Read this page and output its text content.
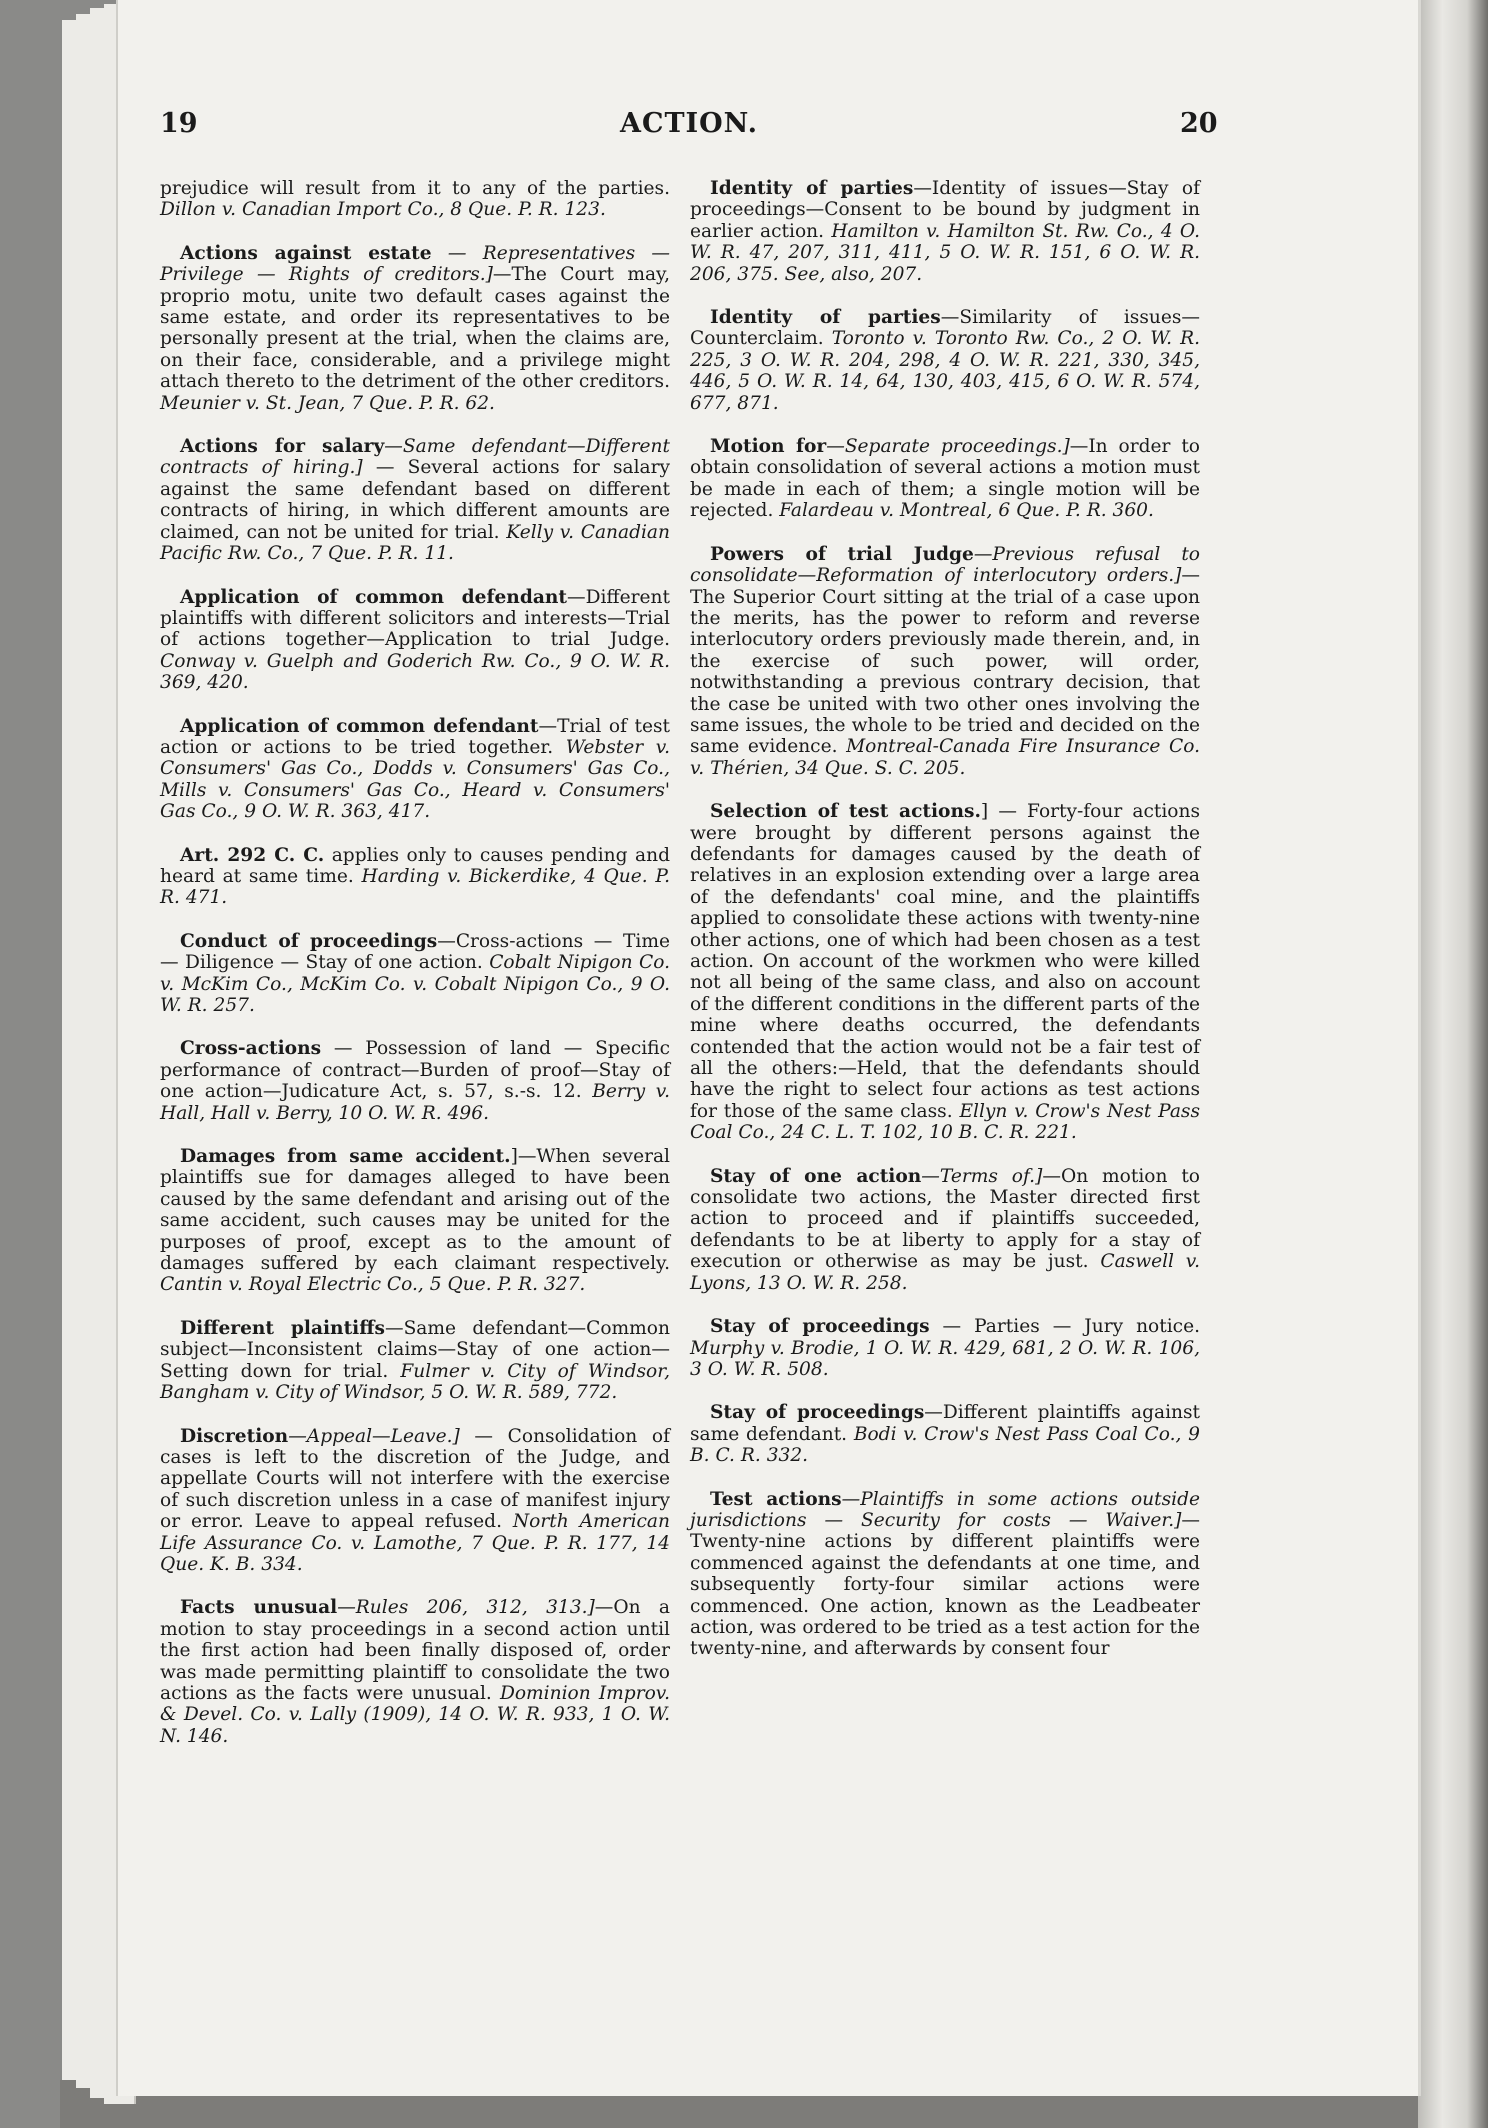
19	ACTION.	20

prejudice will result from it to any of the parties. Dillon v. Canadian Import Co., 8 Que. P. R. 123.

Actions against estate — Representatives — Privilege — Rights of creditors.]—The Court may, proprio motu, unite two default cases against the same estate, and order its representatives to be personally present at the trial, when the claims are, on their face, considerable, and a privilege might attach thereto to the detriment of the other creditors. Meunier v. St. Jean, 7 Que. P. R. 62.

Actions for salary—Same defendant—Different contracts of hiring.] — Several actions for salary against the same defendant based on different contracts of hiring, in which different amounts are claimed, can not be united for trial. Kelly v. Canadian Pacific Rw. Co., 7 Que. P. R. 11.

Application of common defendant—Different plaintiffs with different solicitors and interests—Trial of actions together—Application to trial Judge. Conway v. Guelph and Goderich Rw. Co., 9 O. W. R. 369, 420.

Application of common defendant—Trial of test action or actions to be tried together. Webster v. Consumers' Gas Co., Dodds v. Consumers' Gas Co., Mills v. Consumers' Gas Co., Heard v. Consumers' Gas Co., 9 O. W. R. 363, 417.

Art. 292 C. C. applies only to causes pending and heard at same time. Harding v. Bickerdike, 4 Que. P. R. 471.

Conduct of proceedings—Cross-actions — Time — Diligence — Stay of one action. Cobalt Nipigon Co. v. McKim Co., McKim Co. v. Cobalt Nipigon Co., 9 O. W. R. 257.

Cross-actions — Possession of land — Specific performance of contract—Burden of proof—Stay of one action—Judicature Act, s. 57, s.-s. 12. Berry v. Hall, Hall v. Berry, 10 O. W. R. 496.

Damages from same accident.]—When several plaintiffs sue for damages alleged to have been caused by the same defendant and arising out of the same accident, such causes may be united for the purposes of proof, except as to the amount of damages suffered by each claimant respectively. Cantin v. Royal Electric Co., 5 Que. P. R. 327.

Different plaintiffs—Same defendant—Common subject—Inconsistent claims—Stay of one action—Setting down for trial. Fulmer v. City of Windsor, Bangham v. City of Windsor, 5 O. W. R. 589, 772.

Discretion—Appeal—Leave.] — Consolidation of cases is left to the discretion of the Judge, and appellate Courts will not interfere with the exercise of such discretion unless in a case of manifest injury or error. Leave to appeal refused. North American Life Assurance Co. v. Lamothe, 7 Que. P. R. 177, 14 Que. K. B. 334.

Facts unusual—Rules 206, 312, 313.]—On a motion to stay proceedings in a second action until the first action had been finally disposed of, order was made permitting plaintiff to consolidate the two actions as the facts were unusual. Dominion Improv. & Devel. Co. v. Lally (1909), 14 O. W. R. 933, 1 O. W. N. 146.

Identity of parties—Identity of issues—Stay of proceedings—Consent to be bound by judgment in earlier action. Hamilton v. Hamilton St. Rw. Co., 4 O. W. R. 47, 207, 311, 411, 5 O. W. R. 151, 6 O. W. R. 206, 375. See, also, 207.

Identity of parties—Similarity of issues—Counterclaim. Toronto v. Toronto Rw. Co., 2 O. W. R. 225, 3 O. W. R. 204, 298, 4 O. W. R. 221, 330, 345, 446, 5 O. W. R. 14, 64, 130, 403, 415, 6 O. W. R. 574, 677, 871.

Motion for—Separate proceedings.]—In order to obtain consolidation of several actions a motion must be made in each of them; a single motion will be rejected. Falardeau v. Montreal, 6 Que. P. R. 360.

Powers of trial Judge—Previous refusal to consolidate—Reformation of interlocutory orders.]—The Superior Court sitting at the trial of a case upon the merits, has the power to reform and reverse interlocutory orders previously made therein, and, in the exercise of such power, will order, notwithstanding a previous contrary decision, that the case be united with two other ones involving the same issues, the whole to be tried and decided on the same evidence. Montreal-Canada Fire Insurance Co. v. Thérien, 34 Que. S. C. 205.

Selection of test actions.] — Forty-four actions were brought by different persons against the defendants for damages caused by the death of relatives in an explosion extending over a large area of the defendants' coal mine, and the plaintiffs applied to consolidate these actions with twenty-nine other actions, one of which had been chosen as a test action. On account of the workmen who were killed not all being of the same class, and also on account of the different conditions in the different parts of the mine where deaths occurred, the defendants contended that the action would not be a fair test of all the others:—Held, that the defendants should have the right to select four actions as test actions for those of the same class. Ellyn v. Crow's Nest Pass Coal Co., 24 C. L. T. 102, 10 B. C. R. 221.

Stay of one action—Terms of.]—On motion to consolidate two actions, the Master directed first action to proceed and if plaintiffs succeeded, defendants to be at liberty to apply for a stay of execution or otherwise as may be just. Caswell v. Lyons, 13 O. W. R. 258.

Stay of proceedings — Parties — Jury notice. Murphy v. Brodie, 1 O. W. R. 429, 681, 2 O. W. R. 106, 3 O. W. R. 508.

Stay of proceedings—Different plaintiffs against same defendant. Bodi v. Crow's Nest Pass Coal Co., 9 B. C. R. 332.

Test actions—Plaintiffs in some actions outside jurisdictions — Security for costs — Waiver.]—Twenty-nine actions by different plaintiffs were commenced against the defendants at one time, and subsequently forty-four similar actions were commenced. One action, known as the Leadbeater action, was ordered to be tried as a test action for the twenty-nine, and afterwards by consent four
